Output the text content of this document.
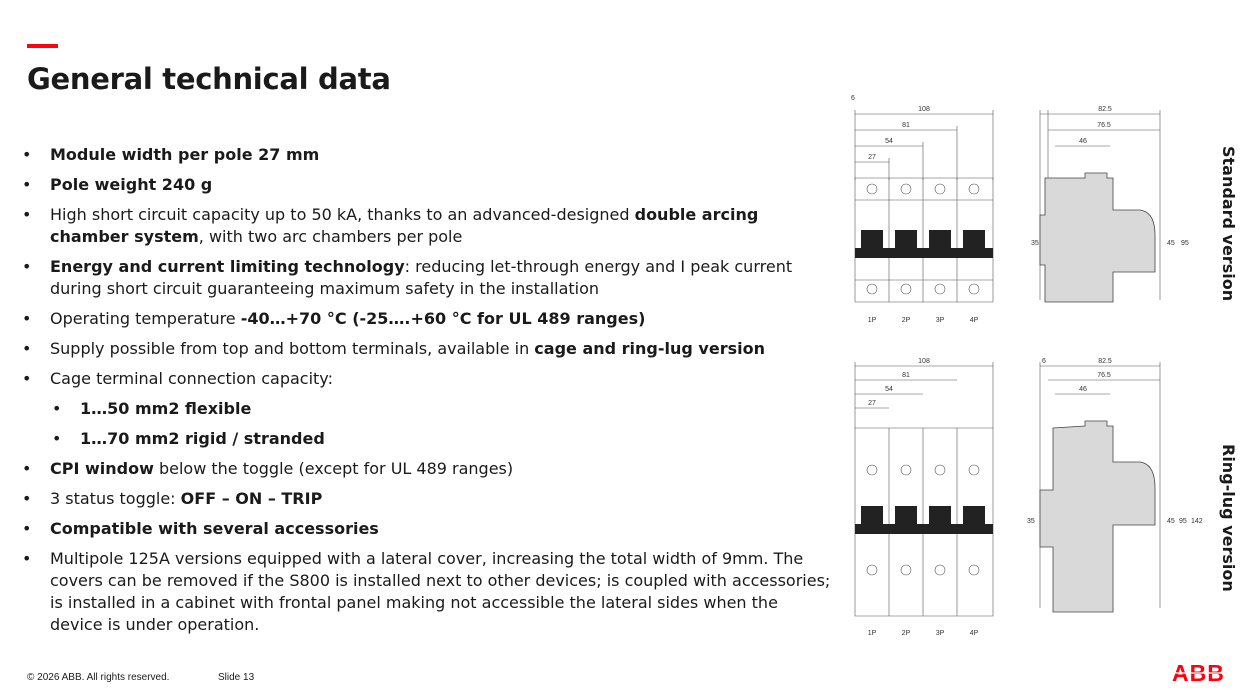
General technical data
• Module width per pole 27 mm
• Pole weight 240 g
• High short circuit capacity up to 50 kA, thanks to an advanced-designed double arcing chamber system, with two arc chambers per pole
• Energy and current limiting technology: reducing let-through energy and I peak current during short circuit guaranteeing maximum safety in the installation
• Operating temperature -40…+70 °C (-25….+60 °C for UL 489 ranges)
• Supply possible from top and bottom terminals, available in cage and ring-lug version
• Cage terminal connection capacity:
• 1…50 mm2 flexible
• 1…70 mm2 rigid / stranded
• CPI window below the toggle (except for UL 489 ranges)
• 3 status toggle: OFF – ON – TRIP
• Compatible with several accessories
• Multipole 125A versions equipped with a lateral cover, increasing the total width of 9mm. The covers can be removed if the S800 is installed next to other devices; is coupled with accessories; is installed in a cabinet with frontal panel making not accessible the lateral sides when the device is under operation.
108
81
54
27
1P	2P	3P	4P
6
82.5
76.5
46
35	45 95
108
81
54
27
1P	2P	3P	4P
6	82.5
76.5
46
35	45 95 142
Standard version
Ring-lug version
© 2026 ABB. All rights reserved.	Slide 13	ABB
